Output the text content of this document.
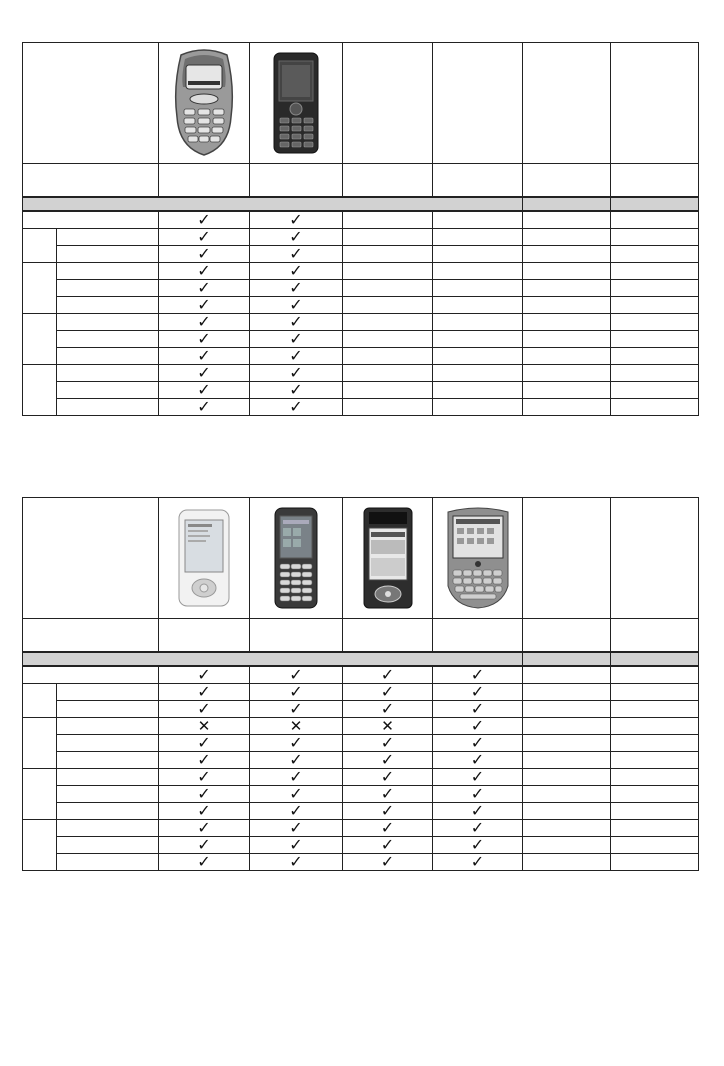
		✓	✓				
		✓	✓				
		✓	✓				
		✓	✓				
		✓	✓				
		✓	✓				
		✓	✓				
		✓	✓				
		✓	✓				
		✓	✓				
		✓	✓				
		✓	✓				

		✓	✓	✓	✓		
		✓	✓	✓	✓		
		✓	✓	✓	✓		
		✕	✕	✕	✓		
		✓	✓	✓	✓		
		✓	✓	✓	✓		
		✓	✓	✓	✓		
		✓	✓	✓	✓		
		✓	✓	✓	✓		
		✓	✓	✓	✓		
		✓	✓	✓	✓		
		✓	✓	✓	✓		
